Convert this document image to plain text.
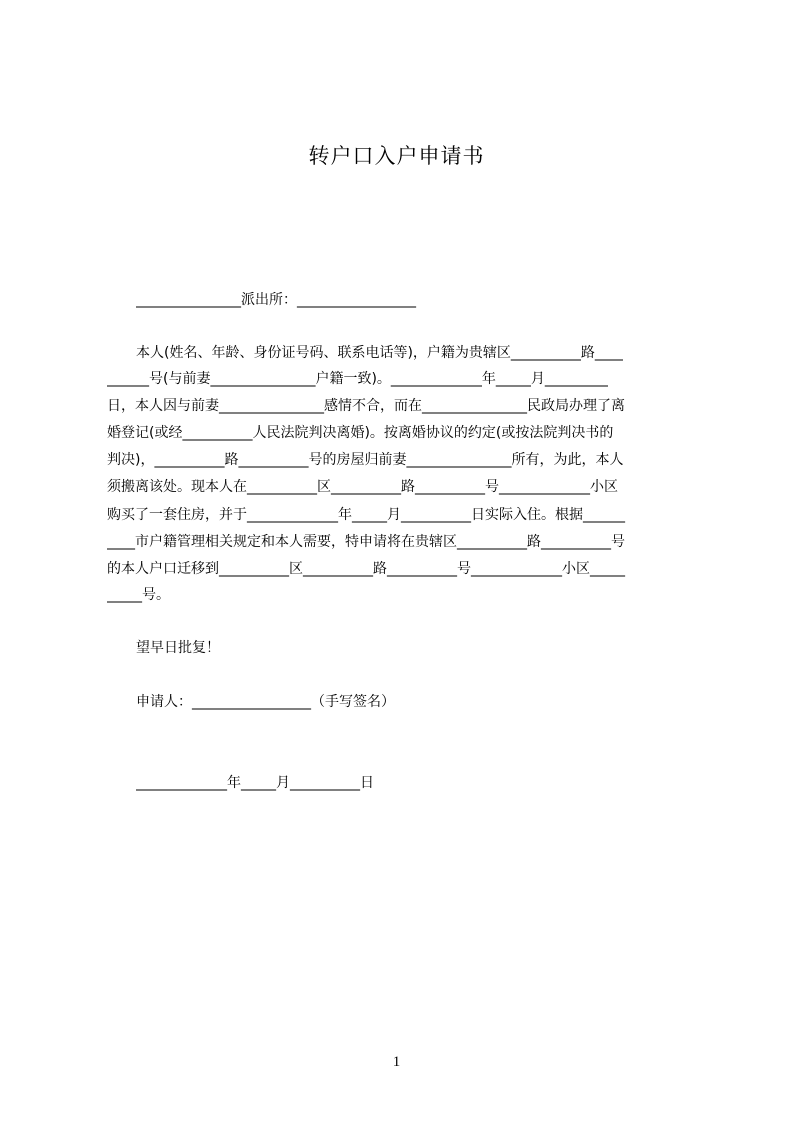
转户口入户申请书
_______________派出所：_________________
本人(姓名、年龄、身份证号码、联系电话等)，户籍为贵辖区__________路____
______号(与前妻_______________户籍一致)。_____________年_____月_________
日，本人因与前妻_______________感情不合，而在_______________民政局办理了离
婚登记(或经__________人民法院判决离婚)。按离婚协议的约定(或按法院判决书的
判决)，__________路__________号的房屋归前妻_______________所有，为此，本人
须搬离该处。现本人在__________区__________路__________号_____________小区
购买了一套住房，并于_____________年_____月__________日实际入住。根据______
____市户籍管理相关规定和本人需要，特申请将在贵辖区__________路__________号
的本人户口迁移到__________区__________路__________号_____________小区_____
_____号。
望早日批复！
申请人：_________________（手写签名）
_____________年_____月__________日
1
